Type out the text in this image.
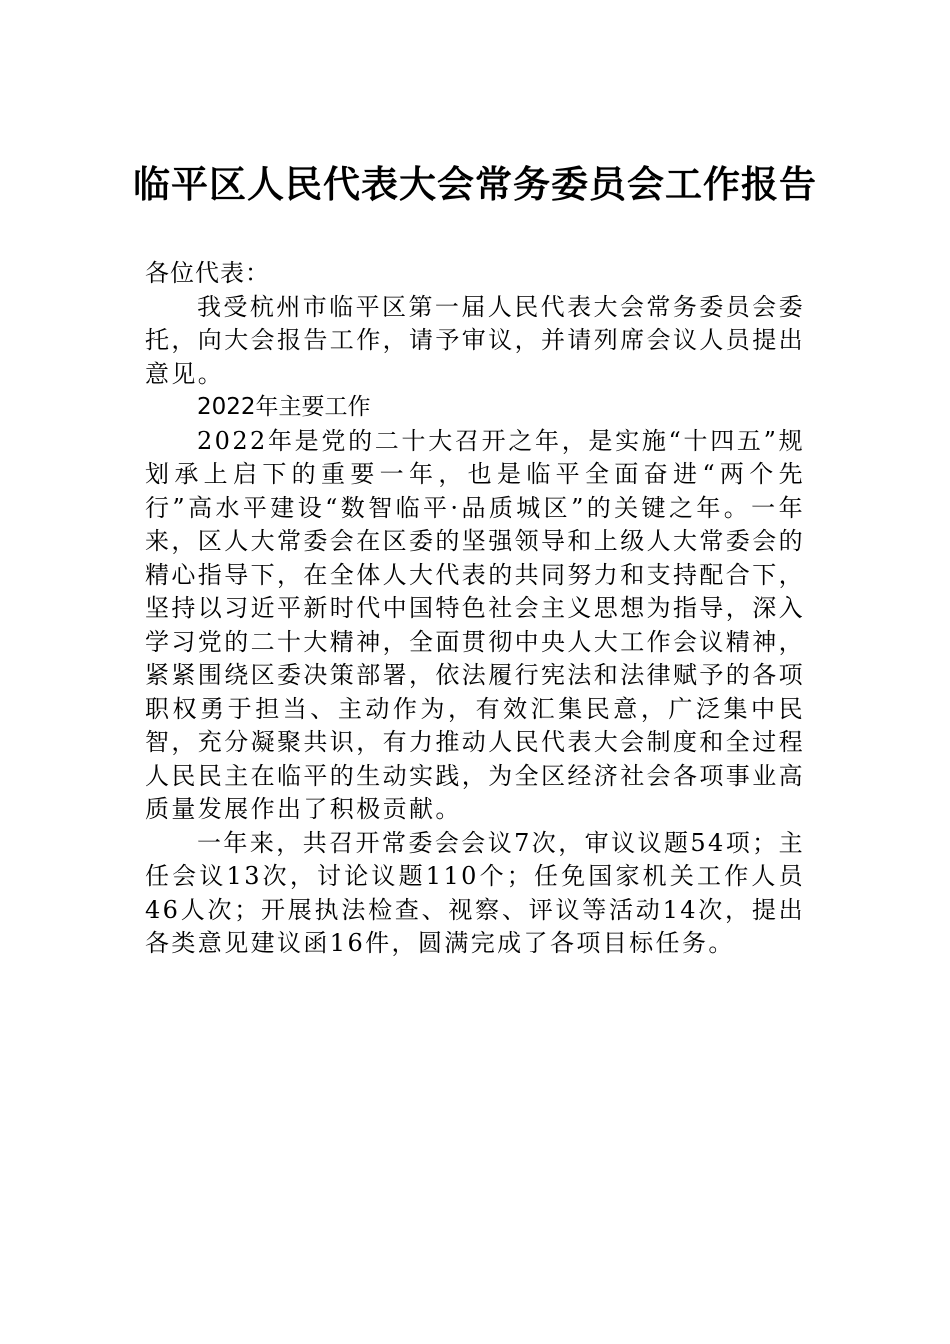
临平区人民代表大会常务委员会工作报告

各位代表：

我受杭州市临平区第一届人民代表大会常务委员会委托，向大会报告工作，请予审议，并请列席会议人员提出意见。

2022年主要工作

2022年是党的二十大召开之年，是实施“十四五”规划承上启下的重要一年，也是临平全面奋进“两个先行”高水平建设“数智临平·品质城区”的关键之年。一年来，区人大常委会在区委的坚强领导和上级人大常委会的精心指导下，在全体人大代表的共同努力和支持配合下，坚持以习近平新时代中国特色社会主义思想为指导，深入学习党的二十大精神，全面贯彻中央人大工作会议精神，紧紧围绕区委决策部署，依法履行宪法和法律赋予的各项职权勇于担当、主动作为，有效汇集民意，广泛集中民智，充分凝聚共识，有力推动人民代表大会制度和全过程人民民主在临平的生动实践，为全区经济社会各项事业高质量发展作出了积极贡献。

一年来，共召开常委会会议7次，审议议题54项；主任会议13次，讨论议题110个；任免国家机关工作人员46人次；开展执法检查、视察、评议等活动14次，提出各类意见建议函16件，圆满完成了各项目标任务。
